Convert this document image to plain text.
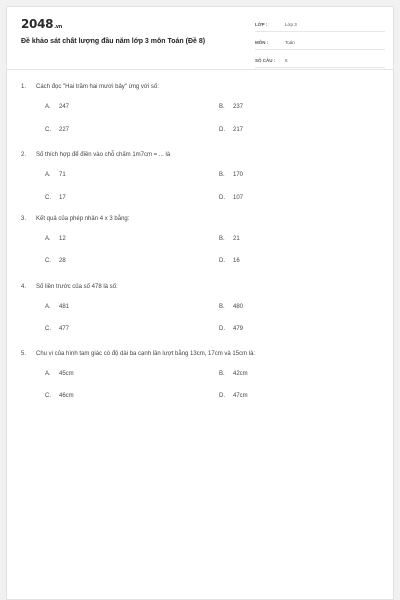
2048.vn
Đề khảo sát chất lượng đầu năm lớp 3 môn Toán (Đề 8)
LỚP :	Lớp 3
MÔN :	Toán
SỐ CÂU :	5
1.	Cách đọc "Hai trăm hai mươi bảy" ứng với số:
A.	247	B.	237
C.	227	D.	217
2.	Số thích hợp để điền vào chỗ chấm 1m7cm = ... là
A.	71	B.	170
C.	17	D.	107
3.	Kết quả của phép nhân 4 x 3 bằng:
A.	12	B.	21
C.	28	D.	16
4.	Số liền trước của số 478 là số:
A.	481	B.	480
C.	477	D.	479
5.	Chu vi của hình tam giác có độ dài ba cạnh lần lượt bằng 13cm, 17cm và 15cm là:
A.	45cm	B.	42cm
C.	46cm	D.	47cm
